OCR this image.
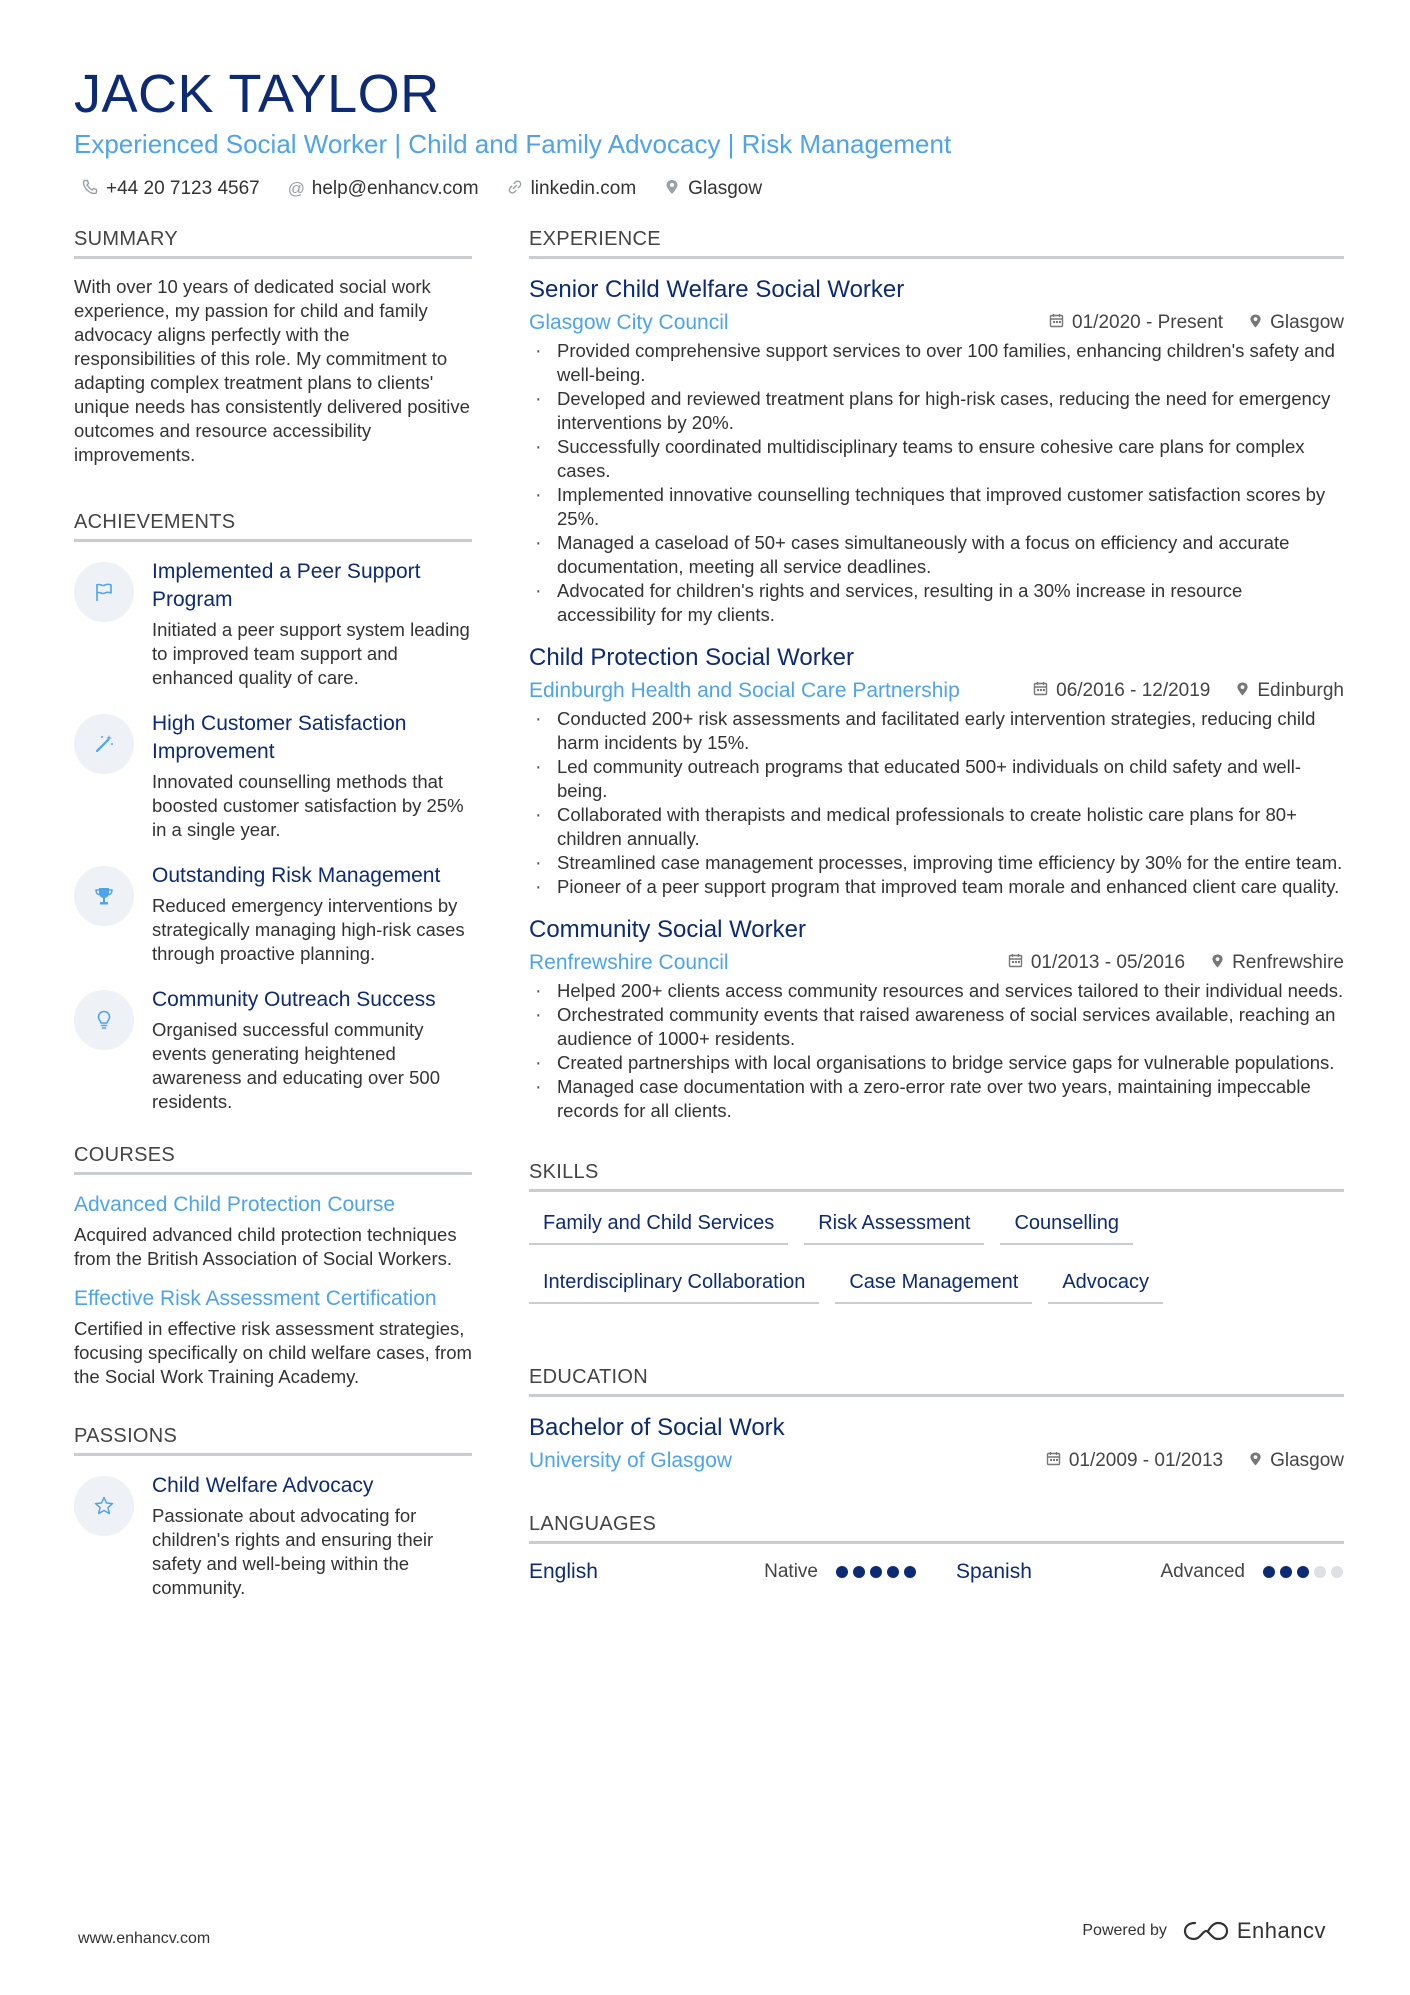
JACK TAYLOR
Experienced Social Worker | Child and Family Advocacy | Risk Management
+44 20 7123 4567 @ help@enhancv.com	linkedin.com	Glasgow
SUMMARY
With over 10 years of dedicated social work experience, my passion for child and family advocacy aligns perfectly with the responsibilities of this role. My commitment to adapting complex treatment plans to clients' unique needs has consistently delivered positive outcomes and resource accessibility improvements.
ACHIEVEMENTS
Implemented a Peer Support Program
Initiated a peer support system leading to improved team support and enhanced quality of care.
High Customer Satisfaction Improvement
Innovated counselling methods that boosted customer satisfaction by 25% in a single year.
Outstanding Risk Management
Reduced emergency interventions by strategically managing high-risk cases through proactive planning.
Community Outreach Success
Organised successful community events generating heightened awareness and educating over 500 residents.
COURSES
Advanced Child Protection Course
Acquired advanced child protection techniques from the British Association of Social Workers.
Effective Risk Assessment Certification
Certified in effective risk assessment strategies, focusing specifically on child welfare cases, from the Social Work Training Academy.
PASSIONS
Child Welfare Advocacy
Passionate about advocating for children's rights and ensuring their safety and well-being within the community.
EXPERIENCE
Senior Child Welfare Social Worker
Glasgow City Council	01/2020 - Present Glasgow
· Provided comprehensive support services to over 100 families, enhancing children's safety and well-being.
· Developed and reviewed treatment plans for high-risk cases, reducing the need for emergency interventions by 20%.
· Successfully coordinated multidisciplinary teams to ensure cohesive care plans for complex cases.
· Implemented innovative counselling techniques that improved customer satisfaction scores by 25%.
· Managed a caseload of 50+ cases simultaneously with a focus on efficiency and accurate documentation, meeting all service deadlines.
· Advocated for children's rights and services, resulting in a 30% increase in resource accessibility for my clients.
Child Protection Social Worker
Edinburgh Health and Social Care Partnership	06/2016 - 12/2019 Edinburgh
· Conducted 200+ risk assessments and facilitated early intervention strategies, reducing child harm incidents by 15%.
· Led community outreach programs that educated 500+ individuals on child safety and well-being.
· Collaborated with therapists and medical professionals to create holistic care plans for 80+ children annually.
· Streamlined case management processes, improving time efficiency by 30% for the entire team.
· Pioneer of a peer support program that improved team morale and enhanced client care quality.
Community Social Worker
Renfrewshire Council	01/2013 - 05/2016 Renfrewshire
· Helped 200+ clients access community resources and services tailored to their individual needs.
· Orchestrated community events that raised awareness of social services available, reaching an audience of 1000+ residents.
· Created partnerships with local organisations to bridge service gaps for vulnerable populations.
· Managed case documentation with a zero-error rate over two years, maintaining impeccable records for all clients.
SKILLS
Family and Child Services	Risk Assessment	Counselling
Interdisciplinary Collaboration	Case Management	Advocacy
EDUCATION
Bachelor of Social Work
University of Glasgow	01/2009 - 01/2013 Glasgow
LANGUAGES
English	Native	Spanish	Advanced
www.enhancv.com	Powered by	Enhancv
